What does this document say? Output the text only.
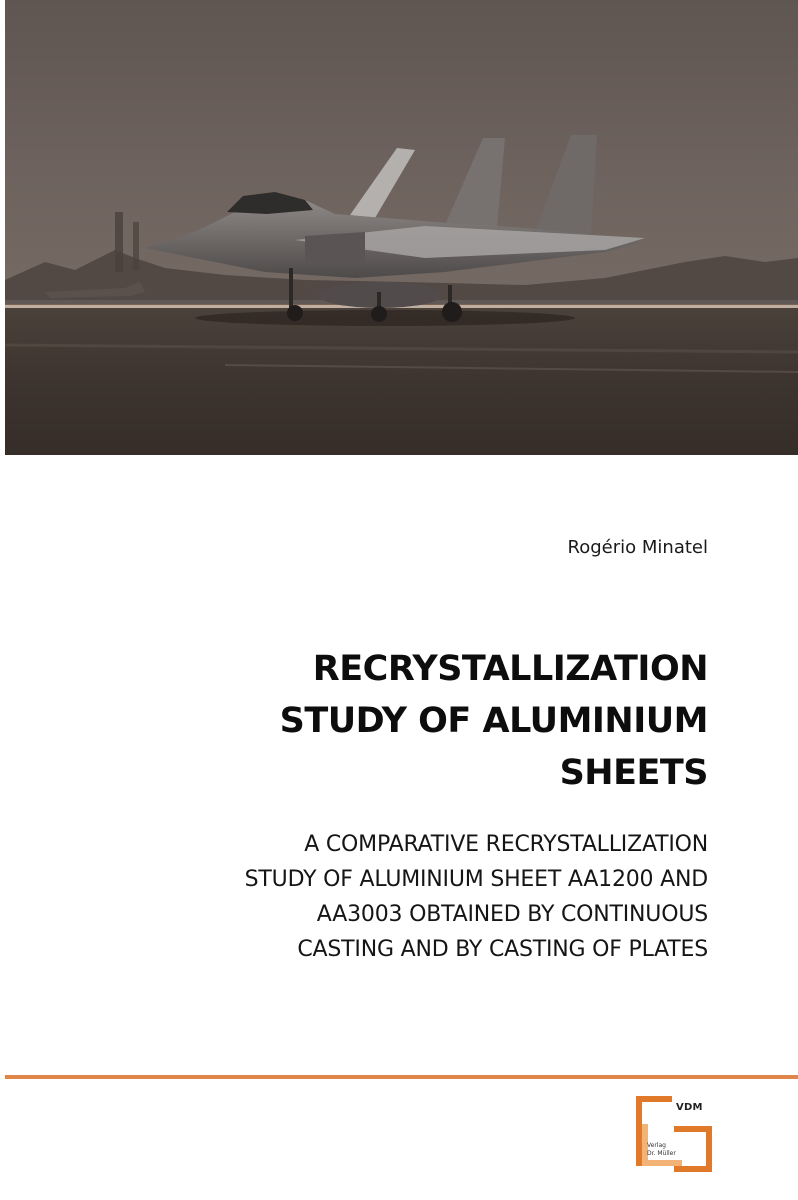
Rogério Minatel
RECRYSTALLIZATION
STUDY OF ALUMINIUM
SHEETS
A COMPARATIVE RECRYSTALLIZATION
STUDY OF ALUMINIUM SHEET AA1200 AND
AA3003 OBTAINED BY CONTINUOUS
CASTING AND BY CASTING OF PLATES
VDM
Verlag
Dr. Müller
